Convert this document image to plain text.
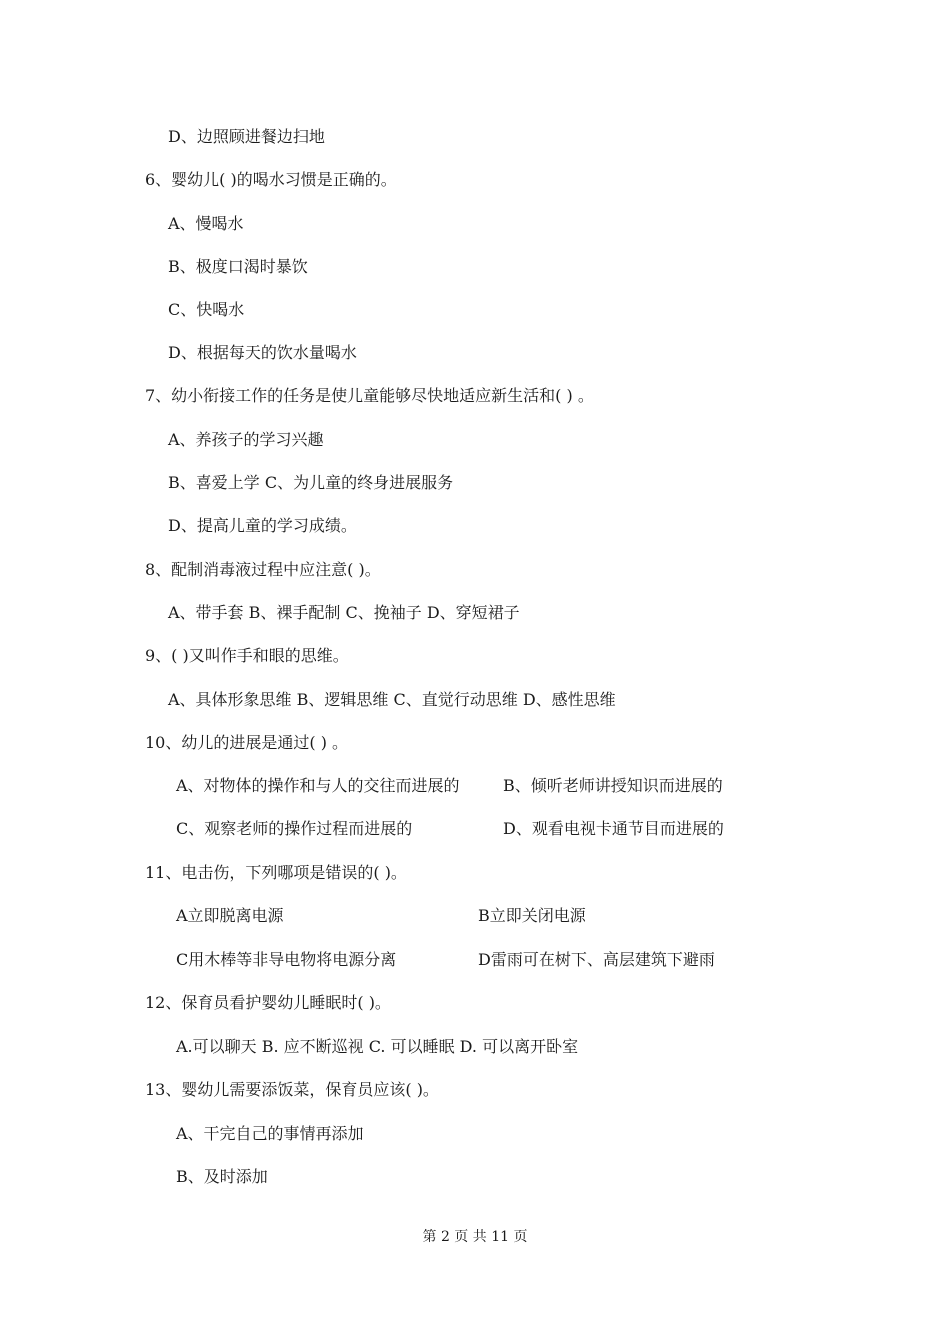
D、边照顾进餐边扫地
6、婴幼儿( )的喝水习惯是正确的。
A、慢喝水
B、极度口渴时暴饮
C、快喝水
D、根据每天的饮水量喝水
7、幼小衔接工作的任务是使儿童能够尽快地适应新生活和( ) 。
A、养孩子的学习兴趣
B、喜爱上学 C、为儿童的终身进展服务
D、提高儿童的学习成绩。
8、配制消毒液过程中应注意( )。
A、带手套 B、裸手配制 C、挽袖子 D、穿短裙子
9、( )又叫作手和眼的思维。
A、具体形象思维 B、逻辑思维 C、直觉行动思维 D、感性思维
10、幼儿的进展是通过( ) 。
A、对物体的操作和与人的交往而进展的	B、倾听老师讲授知识而进展的
C、观察老师的操作过程而进展的	D、观看电视卡通节目而进展的
11、电击伤，下列哪项是错误的( )。
A立即脱离电源	B立即关闭电源
C用木棒等非导电物将电源分离	D雷雨可在树下、高层建筑下避雨
12、保育员看护婴幼儿睡眠时( )。
A.可以聊天 B. 应不断巡视 C. 可以睡眠 D. 可以离开卧室
13、婴幼儿需要添饭菜，保育员应该( )。
A、干完自己的事情再添加
B、及时添加
第 2 页 共 11 页
